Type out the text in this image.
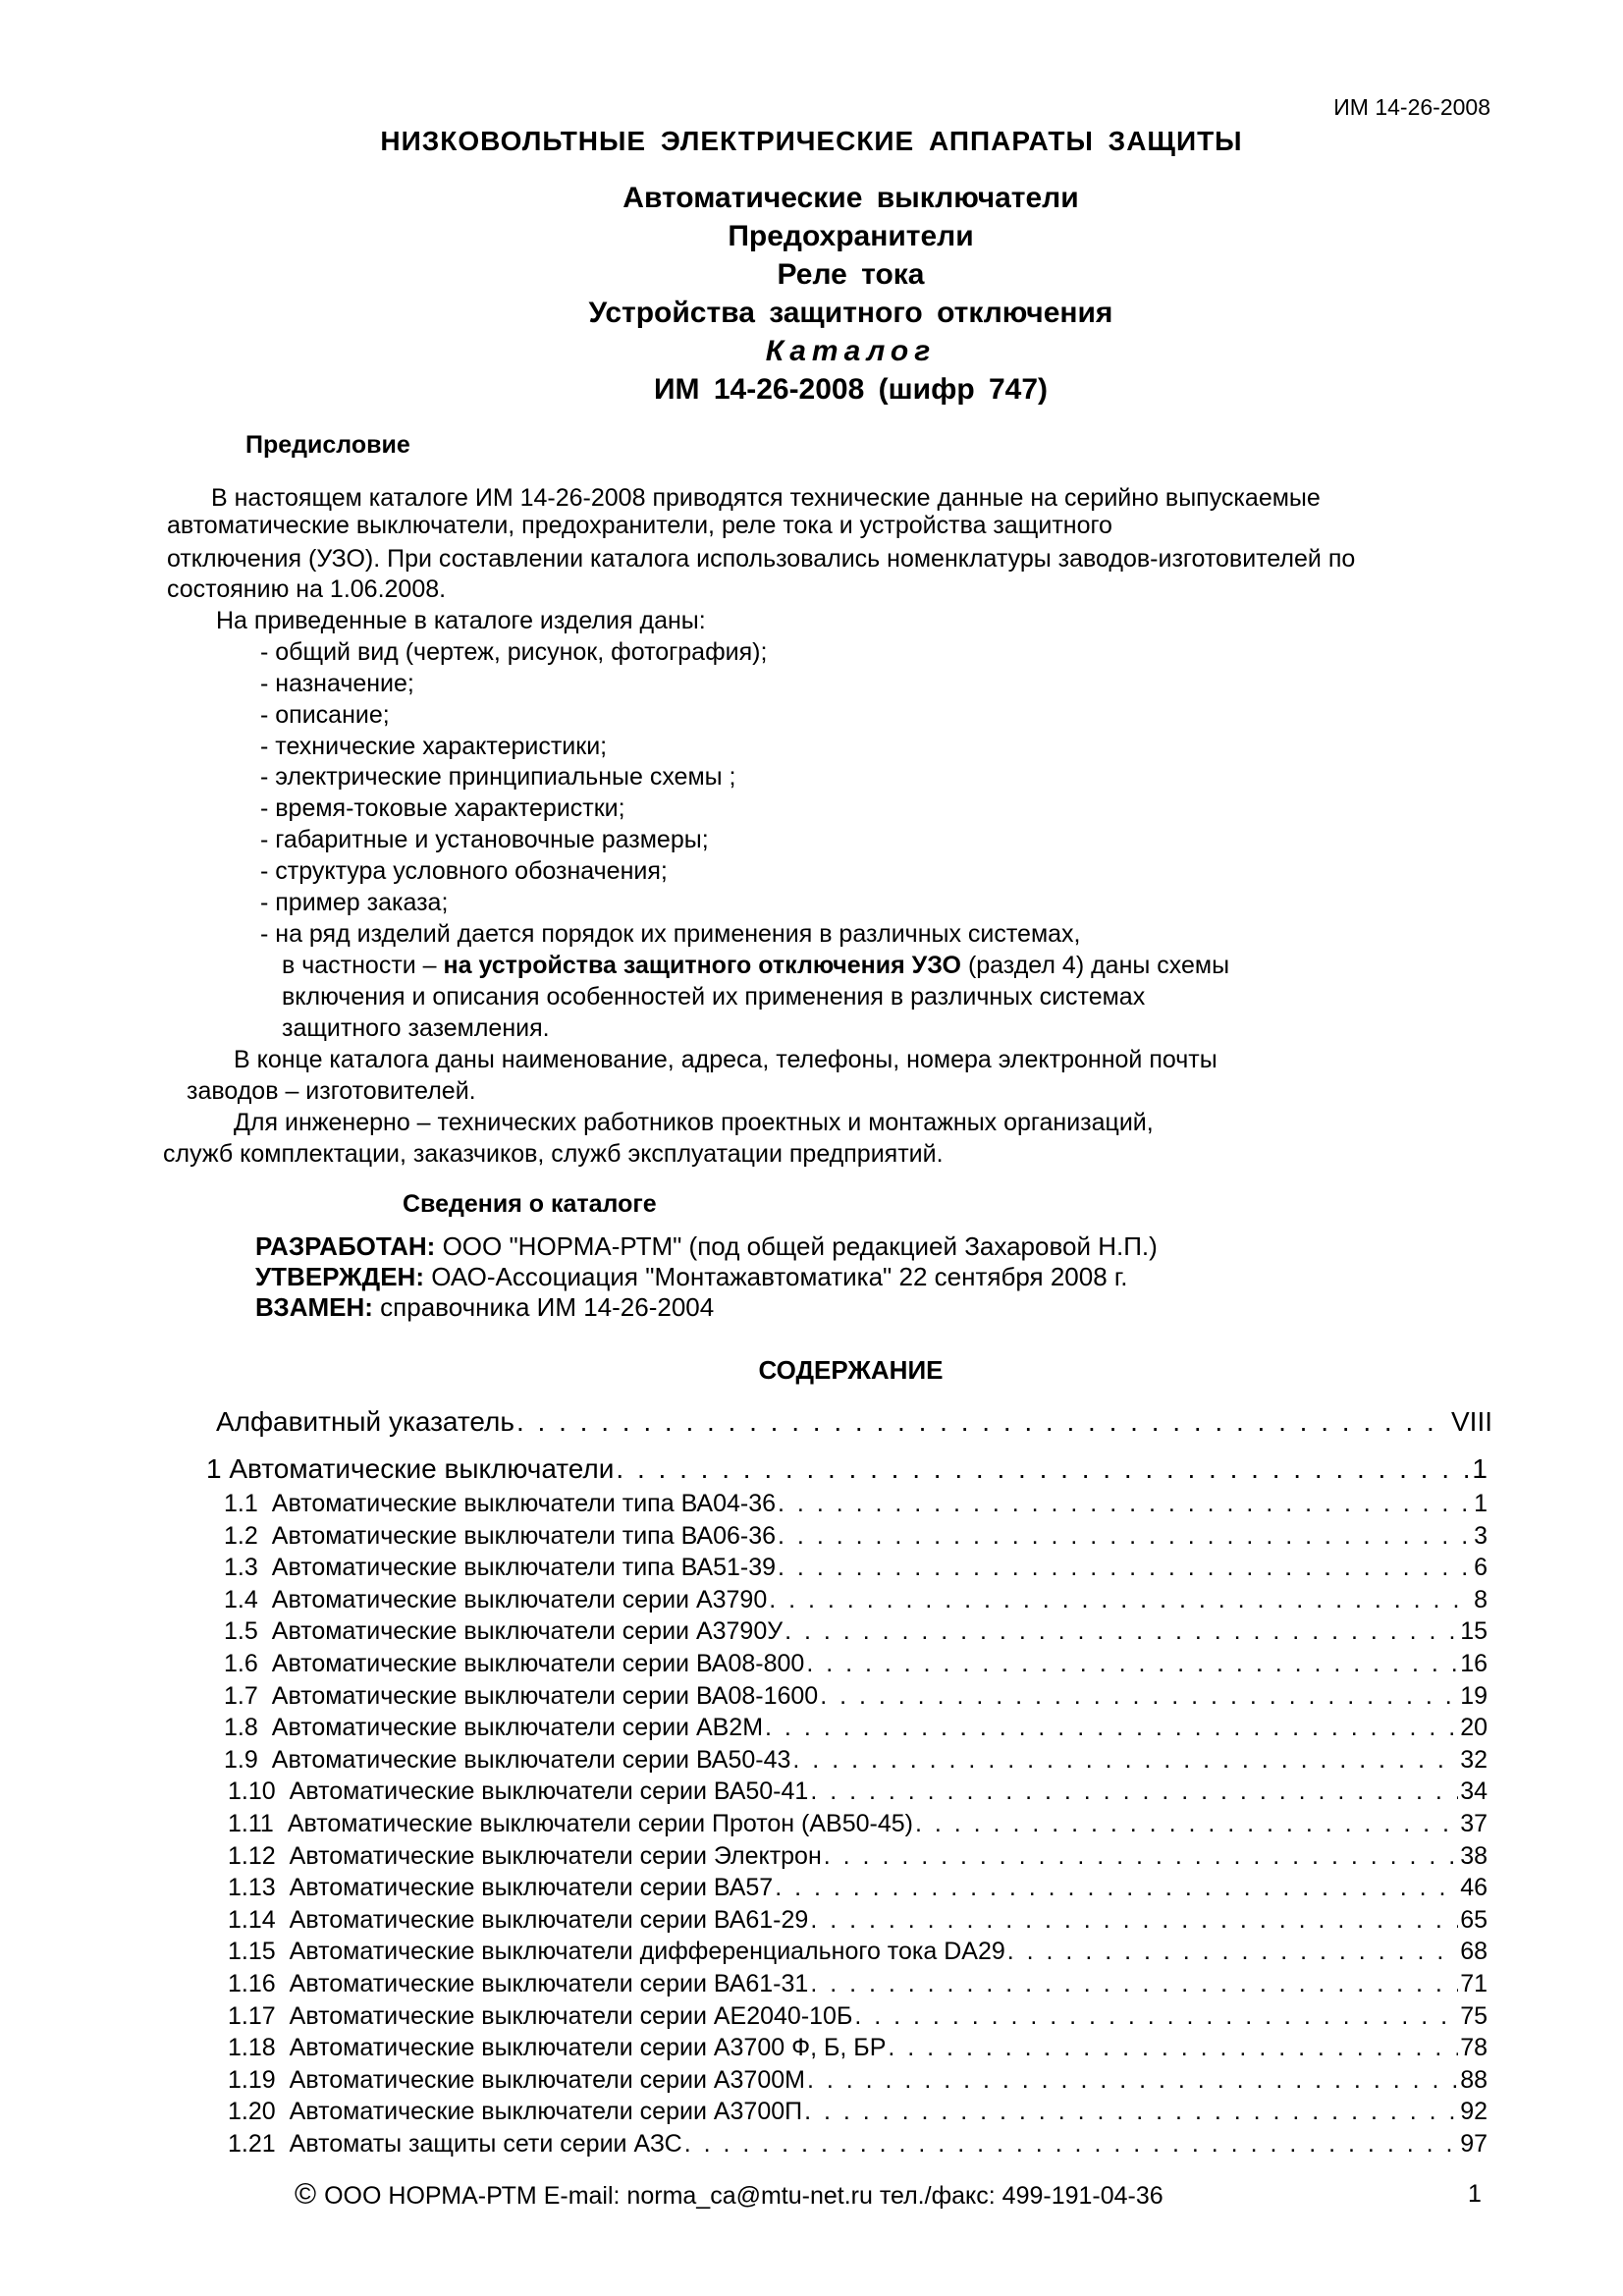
ИМ 14-26-2008
НИЗКОВОЛЬТНЫЕ ЭЛЕКТРИЧЕСКИЕ АППАРАТЫ ЗАЩИТЫ
Автоматические выключатели
Предохранители
Реле тока
Устройства защитного отключения
Каталог
ИМ 14-26-2008 (шифр 747)
Предисловие
В настоящем каталоге ИМ 14-26-2008 приводятся технические данные на серийно выпускаемые
автоматические выключатели, предохранители, реле тока и устройства защитного
отключения (УЗО). При составлении каталога использовались номенклатуры заводов-изготовителей по
состоянию на 1.06.2008.
На приведенные в каталоге изделия даны:
- общий вид (чертеж, рисунок, фотография);
- назначение;
- описание;
- технические характеристики;
- электрические принципиальные схемы ;
- время-токовые характеристки;
- габаритные и установочные размеры;
- структура условного обозначения;
- пример заказа;
- на ряд изделий дается порядок их применения в различных системах,
в частности – на устройства защитного отключения УЗО (раздел 4) даны схемы
включения и описания особенностей их применения в различных системах
защитного заземления.
В конце каталога даны наименование, адреса, телефоны, номера электронной почты
заводов – изготовителей.
Для инженерно – технических работников проектных и монтажных организаций,
служб комплектации, заказчиков, служб эксплуатации предприятий.
Сведения о каталоге
РАЗРАБОТАН: ООО "НОРМА-РТМ" (под общей редакцией Захаровой Н.П.)
УТВЕРЖДЕН: ОАО-Ассоциация "Монтажавтоматика" 22 сентября 2008 г.
ВЗАМЕН: справочника ИМ 14-26-2004
СОДЕРЖАНИЕ
Алфавитный указатель . . .	VIII
1 Автоматические выключатели . . .	1
1.1 Автоматические выключатели типа ВА04-36 . . .	1
1.2 Автоматические выключатели типа ВА06-36 . . .	3
1.3 Автоматические выключатели типа ВА51-39 . . .	6
1.4 Автоматические выключатели серии А3790 . . .	8
1.5 Автоматические выключатели серии А3790У . . .	15
1.6 Автоматические выключатели серии ВА08-800 . . .	16
1.7 Автоматические выключатели серии ВА08-1600 . . .	19
1.8 Автоматические выключатели серии АВ2М . . .	20
1.9 Автоматические выключатели серии ВА50-43 . . .	32
1.10 Автоматические выключатели серии ВА50-41 . . .	34
1.11 Автоматические выключатели серии Протон (АВ50-45) . . .	37
1.12 Автоматические выключатели серии Электрон . . .	38
1.13 Автоматические выключатели серии ВА57 . . .	46
1.14 Автоматические выключатели серии ВА61-29 . . .	65
1.15 Автоматические выключатели дифференциального тока DA29 . . .	68
1.16 Автоматические выключатели серии ВА61-31 . . .	71
1.17 Автоматические выключатели серии АЕ2040-10Б . . .	75
1.18 Автоматические выключатели серии А3700 Ф, Б, БР . . .	78
1.19 Автоматические выключатели серии А3700М . . .	88
1.20 Автоматические выключатели серии А3700П . . .	92
1.21 Автоматы защиты сети серии АЗС . . .	97
© ООО НОРМА-РТМ E-mail: norma_ca@mtu-net.ru тел./факс: 499-191-04-36	1
